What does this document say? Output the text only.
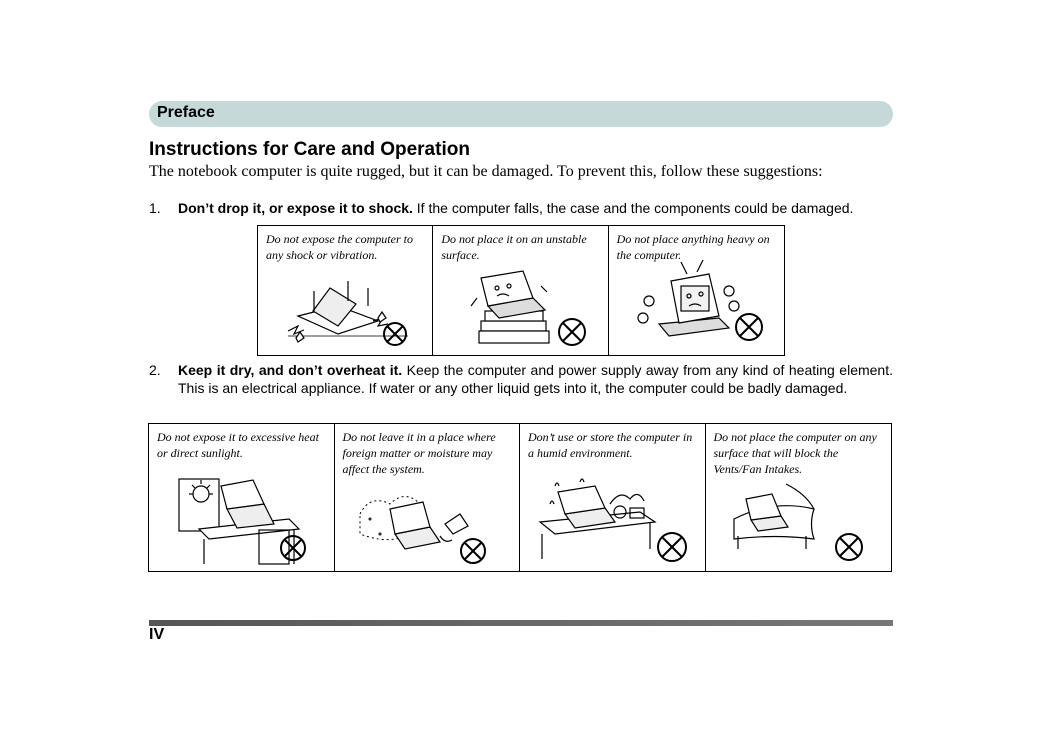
Preface
Instructions for Care and Operation
The notebook computer is quite rugged, but it can be damaged. To prevent this, follow these suggestions:
1. Don’t drop it, or expose it to shock. If the computer falls, the case and the components could be damaged.
Do not expose the computer to any shock or vibration.
Do not place it on an unstable surface.
Do not place anything heavy on the computer.
2. Keep it dry, and don’t overheat it. Keep the computer and power supply away from any kind of heating element. This is an electrical appliance. If water or any other liquid gets into it, the computer could be badly damaged.
Do not expose it to excessive heat or direct sunlight.
Do not leave it in a place where foreign matter or moisture may affect the system.
Don’t use or store the computer in a humid environment.
Do not place the computer on any surface that will block the Vents/Fan Intakes.
IV
